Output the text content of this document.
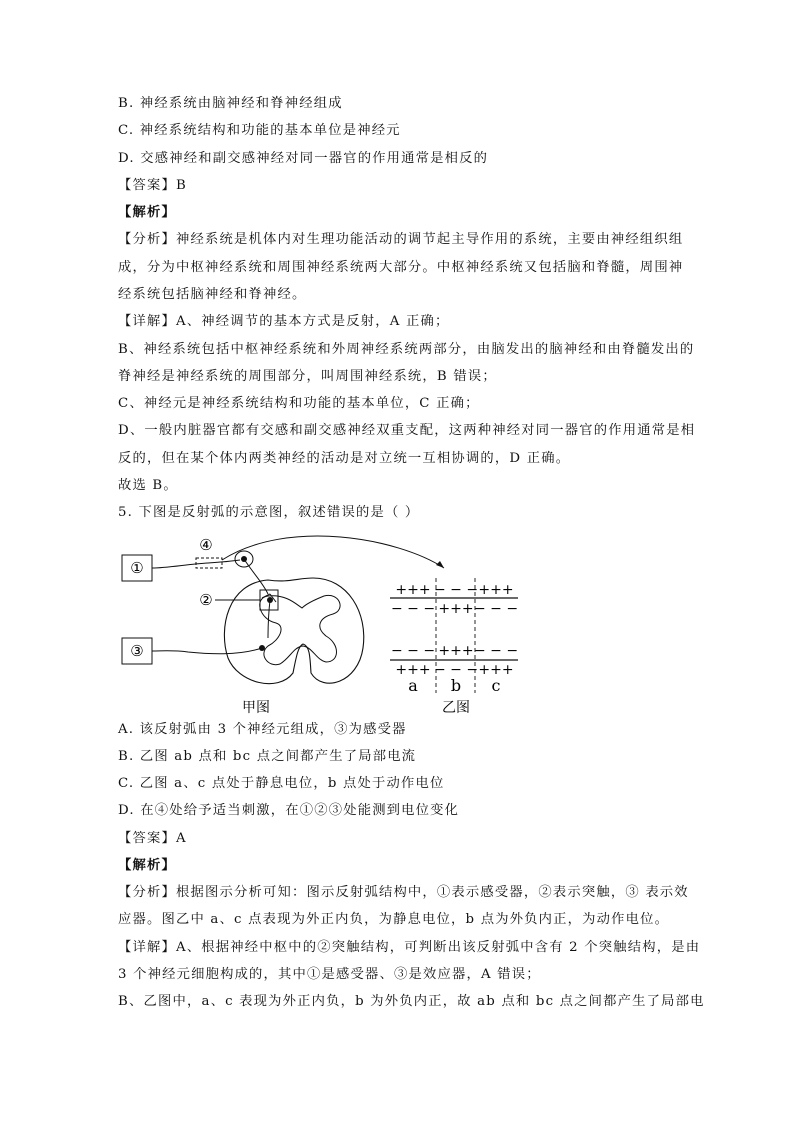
B. 神经系统由脑神经和脊神经组成
C. 神经系统结构和功能的基本单位是神经元
D. 交感神经和副交感神经对同一器官的作用通常是相反的
【答案】B
【解析】
【分析】神经系统是机体内对生理功能活动的调节起主导作用的系统，主要由神经组织组
成，分为中枢神经系统和周围神经系统两大部分。中枢神经系统又包括脑和脊髓，周围神
经系统包括脑神经和脊神经。
【详解】A、神经调节的基本方式是反射，A 正确；
B、神经系统包括中枢神经系统和外周神经系统两部分，由脑发出的脑神经和由脊髓发出的
脊神经是神经系统的周围部分，叫周围神经系统，B 错误；
C、神经元是神经系统结构和功能的基本单位，C 正确；
D、一般内脏器官都有交感和副交感神经双重支配，这两种神经对同一器官的作用通常是相
反的，但在某个体内两类神经的活动是对立统一互相协调的，D 正确。
故选 B。
5. 下图是反射弧的示意图，叙述错误的是（ ）
①
③
④
②
+++ − − − +++
− − − +++ − − −
− − − +++ − − −
+++ − − − +++
a b c
甲图	乙图
A. 该反射弧由 3 个神经元组成，③为感受器
B. 乙图 ab 点和 bc 点之间都产生了局部电流
C. 乙图 a、c 点处于静息电位，b 点处于动作电位
D. 在④处给予适当刺激，在①②③处能测到电位变化
【答案】A
【解析】
【分析】根据图示分析可知：图示反射弧结构中，①表示感受器，②表示突触，③ 表示效
应器。图乙中 a、c 点表现为外正内负，为静息电位，b 点为外负内正，为动作电位。
【详解】A、根据神经中枢中的②突触结构，可判断出该反射弧中含有 2 个突触结构，是由
3 个神经元细胞构成的，其中①是感受器、③是效应器，A 错误；
B、乙图中，a、c 表现为外正内负，b 为外负内正，故 ab 点和 bc 点之间都产生了局部电
